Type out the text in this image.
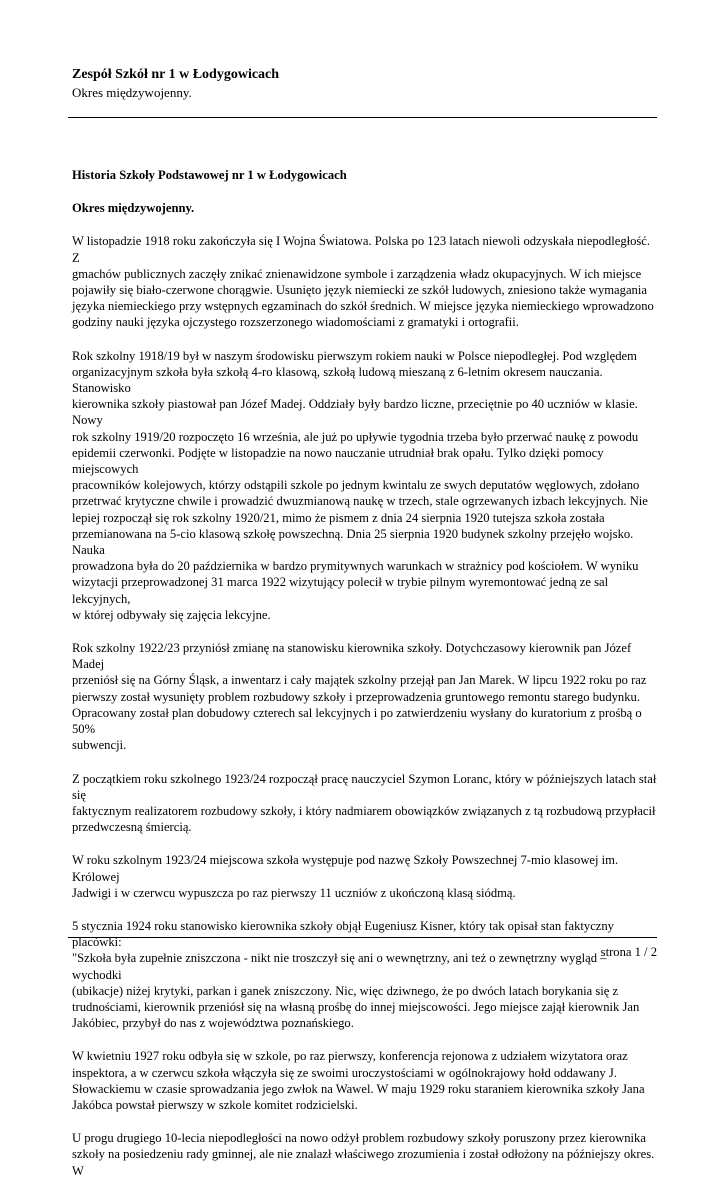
Zespół Szkół nr 1 w Łodygowicach

Okres międzywojenny.

Historia Szkoły Podstawowej nr 1 w Łodygowicach
Okres międzywojenny.

W listopadzie 1918 roku zakończyła się I Wojna Światowa. Polska po 123 latach niewoli odzyskała niepodległość. Z
gmachów publicznych zaczęły znikać znienawidzone symbole i zarządzenia władz okupacyjnych. W ich miejsce
pojawiły się biało-czerwone chorągwie. Usunięto język niemiecki ze szkół ludowych, zniesiono także wymagania
języka niemieckiego przy wstępnych egzaminach do szkół średnich. W miejsce języka niemieckiego wprowadzono
godziny nauki języka ojczystego rozszerzonego wiadomościami z gramatyki i ortografii.

Rok szkolny 1918/19 był w naszym środowisku pierwszym rokiem nauki w Polsce niepodległej. Pod względem
organizacyjnym szkoła była szkołą 4-ro klasową, szkołą ludową mieszaną z 6-letnim okresem nauczania. Stanowisko
kierownika szkoły piastował pan Józef Madej. Oddziały były bardzo liczne, przeciętnie po 40 uczniów w klasie. Nowy
rok szkolny 1919/20 rozpoczęto 16 września, ale już po upływie tygodnia trzeba było przerwać naukę z powodu
epidemii czerwonki. Podjęte w listopadzie na nowo nauczanie utrudniał brak opału. Tylko dzięki pomocy miejscowych
pracowników kolejowych, którzy odstąpili szkole po jednym kwintalu ze swych deputatów węglowych, zdołano
przetrwać krytyczne chwile i prowadzić dwuzmianową naukę w trzech, stale ogrzewanych izbach lekcyjnych. Nie
lepiej rozpoczął się rok szkolny 1920/21, mimo że pismem z dnia 24 sierpnia 1920 tutejsza szkoła została
przemianowana na 5-cio klasową szkołę powszechną. Dnia 25 sierpnia 1920 budynek szkolny przejęło wojsko. Nauka
prowadzona była do 20 października w bardzo prymitywnych warunkach w strażnicy pod kościołem. W wyniku
wizytacji przeprowadzonej 31 marca 1922 wizytujący polecił w trybie pilnym wyremontować jedną ze sal lekcyjnych,
w której odbywały się zajęcia lekcyjne.

Rok szkolny 1922/23 przyniósł zmianę na stanowisku kierownika szkoły. Dotychczasowy kierownik pan Józef Madej
przeniósł się na Górny Śląsk, a inwentarz i cały majątek szkolny przejął pan Jan Marek. W lipcu 1922 roku po raz
pierwszy został wysunięty problem rozbudowy szkoły i przeprowadzenia gruntowego remontu starego budynku.
Opracowany został plan dobudowy czterech sal lekcyjnych i po zatwierdzeniu wysłany do kuratorium z prośbą o 50%
subwencji.

Z początkiem roku szkolnego 1923/24 rozpoczął pracę nauczyciel Szymon Loranc, który w późniejszych latach stał się
faktycznym realizatorem rozbudowy szkoły, i który nadmiarem obowiązków związanych z tą rozbudową przypłacił
przedwczesną śmiercią.

W roku szkolnym 1923/24 miejscowa szkoła występuje pod nazwę Szkoły Powszechnej 7-mio klasowej im. Królowej
Jadwigi i w czerwcu wypuszcza po raz pierwszy 11 uczniów z ukończoną klasą siódmą.

5 stycznia 1924 roku stanowisko kierownika szkoły objął Eugeniusz Kisner, który tak opisał stan faktyczny placówki:
"Szkoła była zupełnie zniszczona - nikt nie troszczył się ani o wewnętrzny, ani też o zewnętrzny wygląd – wychodki
(ubikacje) niżej krytyki, parkan i ganek zniszczony. Nic, więc dziwnego, że po dwóch latach borykania się z
trudnościami, kierownik przeniósł się na własną prośbę do innej miejscowości. Jego miejsce zajął kierownik Jan
Jakóbiec, przybył do nas z województwa poznańskiego.

W kwietniu 1927 roku odbyła się w szkole, po raz pierwszy, konferencja rejonowa z udziałem wizytatora oraz
inspektora, a w czerwcu szkoła włączyła się ze swoimi uroczystościami w ogólnokrajowy hołd oddawany J.
Słowackiemu w czasie sprowadzania jego zwłok na Wawel. W maju 1929 roku staraniem kierownika szkoły Jana
Jakóbca powstał pierwszy w szkole komitet rodzicielski.

U progu drugiego 10-lecia niepodległości na nowo odżył problem rozbudowy szkoły poruszony przez kierownika
szkoły na posiedzeniu rady gminnej, ale nie znalazł właściwego zrozumienia i został odłożony na późniejszy okres. W

strona 1 / 2
